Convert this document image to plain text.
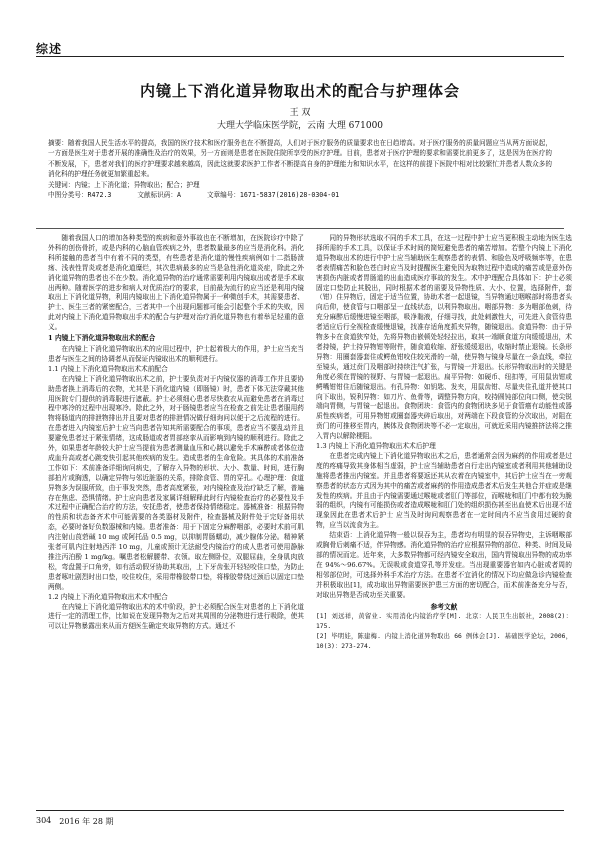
综述
内镜上下消化道异物取出术的配合与护理体会
王 双
大理大学临床医学院，云南 大理 671000

摘要：随着我国人民生活水平的提高，我国的医疗技术和医疗服务也在不断提高，人们对于医疗服务的质量要求也在日趋增高。对于医疗服务的质量问题应当从两方面说起，一方面是医生对于患者开展的准确性及治疗的效果，另一方面则是患者在医院住院所享受的医疗护理。目前，患者对于医疗护理的要求和需要比前更多了，这是因为在医疗的不断发展，下，患者对我们的医疗护理要求越来越高，因此这就要求医护工作者不断提高自身的护理能力和知识水平，在这样的前提下医院中相对比较繁忙并患者人数众多的消化科的护理任务就更加繁重起来。

关键词：内镜；上下消化道；异物取出；配合；护理

中图分类号：R472.3	文献标识码：A	文章编号：1671-5837(2016)28-0304-01

随着我国人口的增加各种类型的疾病和意外事故也在不断增加，在医院诊疗中除了外科的创伤骨折，或是内科的心脑血管疾病之外，患者数量最多的应当是消化科。消化科所接触的患者当中有着不同的类型，有些患者是消化道的慢性疾病例如十二指肠溃疡、浅表性胃炎或者是消化道糜烂，其次患病最多的应当是急性消化道炎症，除此之外消化道异物的患者也不在少数。消化道异物的治疗通常需要利用内镜取出或者是手术取出两种。随着医学的进步和病人对优质治疗的要求，目前最为流行的应当还是利用内镜取出上下消化道异物，利用内镜取出上下消化道异物属于一种微创手术，其需要患者、护士、医生三者的紧密配合，三者其中一个出现问题都可能会引起整个手术的失败，因此对内镜上下消化道异物取出手术的配合与护理对治疗消化道异物也有着举足轻重的意义。

1 内镜上下消化道异物取出术的配合

在内镜上下消化道异物取出术的应用过程中，护士起着极大的作用，护士应当充当患者与医生之间的协调者从而保证内镜取出术的顺利进行。

1.1 内镜上下消化道异物取出术术前配合

在内镜上下消化道异物取出术之前，护士要负责对于内镜仪器的消毒工作并且要协助患者换上消毒后的衣物，尤其是下消化道内镜（即肠镜）时，患者下体无法穿戴其他用医院专门提供的消毒服进行遮蔽。护士必须细心患者尽快救衣从而避免患者在消毒过程中寒冷的过程中出现寒冷。除此之外，对于肠镜患者应当在检查之前先让患者服用药物将肠道内的排泄物排出并且要对患者的排泄情况做仔细询问以便于之后流程的进行。在患者进入内镜室后护士应当向患者告知其所需要配合的事项，患者应当不要乱动并且要避免患者过于紧张情绪，这成肠道或者胃部痉挛从而影响到内镜的顺利进行。除此之外，如果患者年龄较大护士应当提前为患者测量血压和心跳以避免手术麻醉或者体位造成血升高或者心跳变快引起其他疾病的发生。造成患者的生命危险。其具体的术前准备工作如下：术前准备详细询问病史，了解存入异物的形状、大小、数量、时间，进行胸部拍片或胸透，以确定异物与邻近脏器的关系，排除食管、胃的穿孔。心理护理：食道异物多为误服所致，由于事发突然，患者高度紧张，对内镜检查及治疗缺乏了解，普遍存在焦虑、恐惧情绪。护士应向患者及家属详细解释此时行内镜检查治疗的必要性及手术过程中正确配合治疗的方法，安抚患者，使患者保持情绪稳定。器械准备：根据异物的性质和状态备齐术中可能需要的各类器材及附件，检查器械及附件处于完好备用状态，必要时备好负数器械和内镜。患者准备：用于下固定分麻醉咽部，必要时术前可肌内注射山莨菪碱 10 mg 或阿托品 0.5 mg，以抑制胃肠蠕动，减少腺体分泌。精神紧张者可肌内注射地西泮 10 mg，儿童或预计无法耐受内镜治疗的成人患者可使用静脉推注丙泊酚 1 mg/kg。嘱患者松解腰带、衣领。取左侧卧位，双腿屈曲，全身肌肉放松，弯盘置于口角旁，如有活动假牙协助其取出，上下牙齿张开轻轻咬住口垫，为防止患者啄吐剧烈时出口垫，咬住咬住，采用带橡胶带口垫，将橡胶带绕过颈后以固定口垫两侧。

1.2 内镜上下消化道异物取出术术中配合

在内镜上下消化道异物取出术的术中阶段，护士必须配合医生对患者的上下消化道进行一定的清理工作，比如说在发现异物为之后对其周围的分泌物进行进行吸除，使其可以让异物暴露出来从而方便医生确定夹取异物的方式。通过不

同的异物形状选取不同的手术工具，在这一过程中护士应当更积极主动地为医生选择所需的手术工具，以保证手术时间的简短避免患者的痛苦增加。若整个内镜上下消化道异物取出术的进行中护士应当辅助医生观察患者的表情、和脸色及呼吸频率等，在患者表情痛苦和脸色苍白时应当及时提醒医生避免因为取物过程中造成的痛苦或是意外伤害损伤内脏或者胃肠道的出血造成医疗事故的发生。术中护理配合具体如下：护士必须固定口垫防止其脱出，同时根据术者的需要及异物性质、大小、位置，选择附件，套（钳）住异物后，固定于适当位置，协助术者一起退镜，当异物通过咽喉部时将患者头向后仰，使食管与口咽部呈一直线状态，以利异物取出。咽部异物：多为咽部鱼刺，待充分麻醉后缓慢进镜至咽部，吸净黏液，仔细寻找，此处刺激性大，可先进入食管待患者适应后行全视检查缓慢退镜，找准存适角度抓夹异物，随镜退出。食道异物：由于异物多卡在食道狭窄处，先将异物由嵌顿处轻轻拉出，取其一端顺食道方向缓缓退出，术者持镜，护士持异物钳等附件，随食道收缩、舒张缓缓退出，收缩时禁止退镜。长条形异物：用圈套器套住或鳄鱼钳咬住较光滑的一端，使异物与镜身尽量在一条直线，牵拉至镜头，通过贲门及咽部时持续注气扩张，与胃镜一并退出。长形异物取出时的关键是角度必须在胃镜的视野、与胃镜一起退出。扁平异物：如硬币、纽扣等，可用鼠齿钳或鳄嘴钳钳住后随镜退出。有孔异物：如钥匙、发夹，用鼠齿钳、尽量夹住孔道并使其口向下取出，锐利异物：如刀片、鱼骨等，调整异物方向，咬持圆钝部位向口侧，使尖锐端向胃侧，与胃镜一起退出。食物团块：食管内的食物团块多见于食管癌有动能性或器质性疾病者，可用异物钳或圈套器夹碎后取出，对两端在下段食管的分次取出，对阻在贲门的可推移至胃内，胰体及食物团块等不必一定取出，可就近采用内镜推挤法将之推入胃内以解除梗阻。

1.3 内镜上下消化道异物取出术术后护理

在患者完成内镜上下消化道异物取出术之后，患者通常会因为麻药的作用或者是过度的疼痛导致其身体相当虚弱，护士应当辅助患者自行走出内镜室或者利用其他辅助设施将患者推出内镜室。并且患者将要返还其从衣着在内镜室中，其后护士应当在一旁观察患者的状态方式因为其中的痛苦或者麻药的作用造成患者术后发生其他合并症或是继发性的疾病。并且由于内镜需要通过喉咙或者肛门等部位，而喉咙和肛门中都有较为脆弱的组织，内镜有可能损伤或者造成喉咙和肛门处的组织损伤甚至出血使术后出现不适现象因此在患者术后护士 应当及时询问观察患者在一定时间内不应当食用过硬的食物，应当以流食为主。

结束语：上消化道异物一般以误吞为主，患者均有明显的误吞异物史，主诉咽喉部或胸骨后刺痛不适，伴异物感。消化道异物的治疗应根据异物的部位、种类、时间及局部的情况而定。近年来，大多数异物都可经内镜安全取出，国内胃镜取出异物的成功率在 94%～96.67%。无误吸或食道穿孔等并发症。当出现重要器官如内心脏或者周的相邻部位时，可选择外科手术治疗方法。在患者不宜消化的情况下均应做急诊内镜检查并积极取出[1]，成功取出异物需要医护患三方面的密切配合，而术前准备充分与否，对取出异物是否成功至关重要。

参考文献

[1] 刘远祥，黄留业. 实用消化内镜治疗学[M]. 北京：人民卫生出版社，2008(2)：175.

[2] 毕明娃，陈建梅. 内镜上消化道异物取出 66 例体会[J]. 基础医学论坛，2006，10(3)：273-274.

304 2016 年 28 期
